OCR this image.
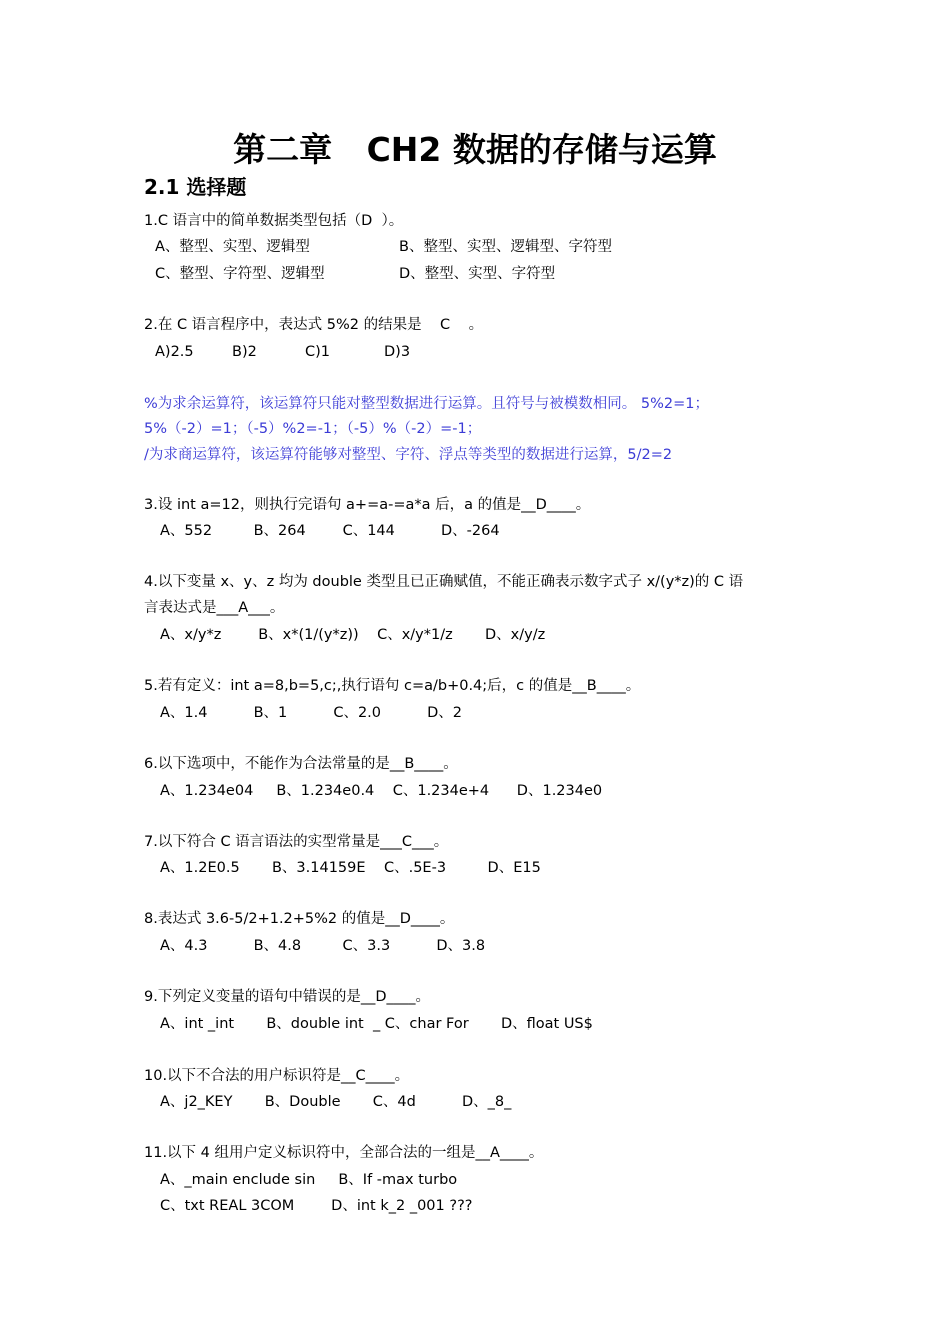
第二章   CH2 数据的存储与运算
2.1 选择题
1.C 语言中的简单数据类型包括（D  ）。
A、整型、实型、逻辑型	B、整型、实型、逻辑型、字符型
C、整型、字符型、逻辑型	D、整型、实型、字符型
2.在 C 语言程序中，表达式 5%2 的结果是    C    。
A)2.5	B)2	C)1	D)3
%为求余运算符，该运算符只能对整型数据进行运算。且符号与被模数相同。 5%2=1；
5%（-2）=1；（-5）%2=-1；（-5）%（-2）=-1；
/为求商运算符，该运算符能够对整型、字符、浮点等类型的数据进行运算，5/2=2
3.设 int a=12，则执行完语句 a+=a-=a*a 后，a 的值是__D____。
A、552         B、264        C、144          D、-264
4.以下变量 x、y、z 均为 double 类型且已正确赋值，不能正确表示数字式子 x/(y*z)的 C 语
言表达式是___A___。
A、x/y*z        B、x*(1/(y*z))    C、x/y*1/z       D、x/y/z
5.若有定义：int a=8,b=5,c;,执行语句 c=a/b+0.4;后，c 的值是__B____。
A、1.4          B、1          C、2.0          D、2
6.以下选项中，不能作为合法常量的是__B____。
A、1.234e04     B、1.234e0.4    C、1.234e+4      D、1.234e0
7.以下符合 C 语言语法的实型常量是___C___。
A、1.2E0.5       B、3.14159E    C、.5E-3         D、E15
8.表达式 3.6-5/2+1.2+5%2 的值是__D____。
A、4.3          B、4.8         C、3.3          D、3.8
9.下列定义变量的语句中错误的是__D____。
A、int _int       B、double int  _ C、char For       D、float US$
10.以下不合法的用户标识符是__C____。
A、j2_KEY       B、Double       C、4d          D、_8_
11.以下 4 组用户定义标识符中，全部合法的一组是__A____。
A、_main enclude sin     B、If -max turbo
C、txt REAL 3COM        D、int k_2 _001 ???
